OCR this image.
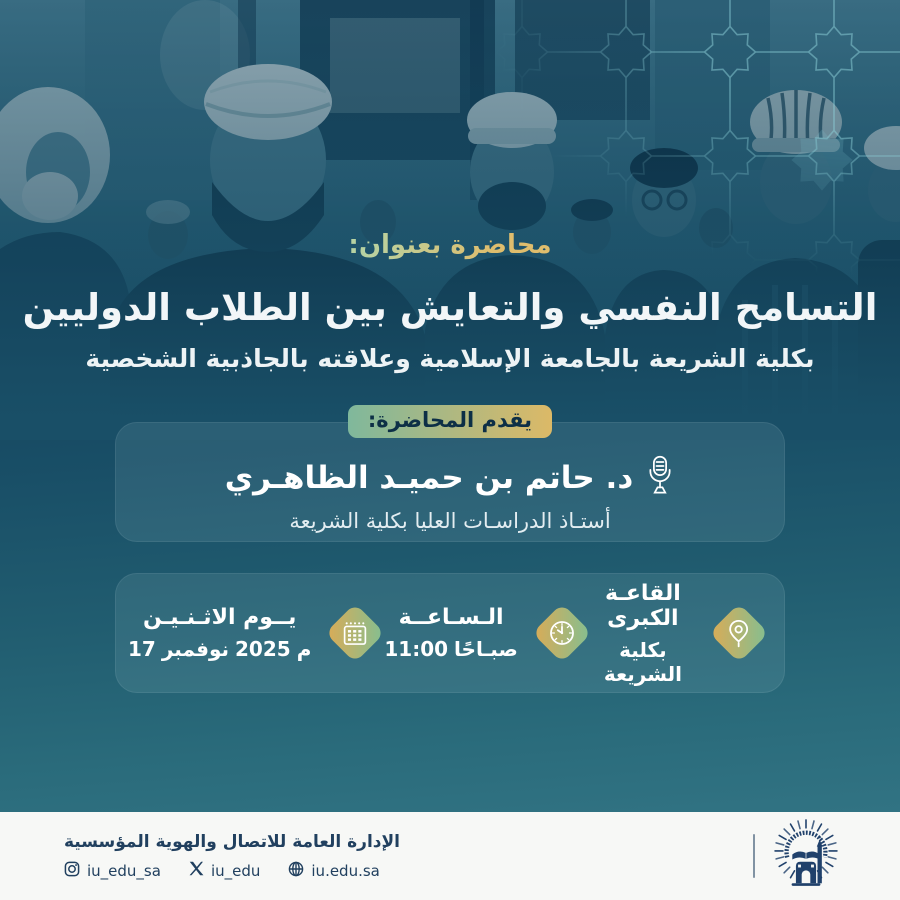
محاضرة بعنوان:
التسامح النفسي والتعايش بين الطلاب الدوليين
بكلية الشريعة بالجامعة الإسلامية وعلاقته بالجاذبية الشخصية
يقدم المحاضرة:
د. حاتم بن حميـد الظاهـري
أستـاذ الدراسـات العليا بكلية الشريعة
يــوم الاثـنـيـن
17 نوفمبر 2025 م
الـسـاعــة
11:00 صبـاحًا
القاعـة الكبرى
بكلية الشريعة
الإدارة العامة للاتصال والهوية المؤسسية
iu_edu_sa	iu_edu	iu.edu.sa
